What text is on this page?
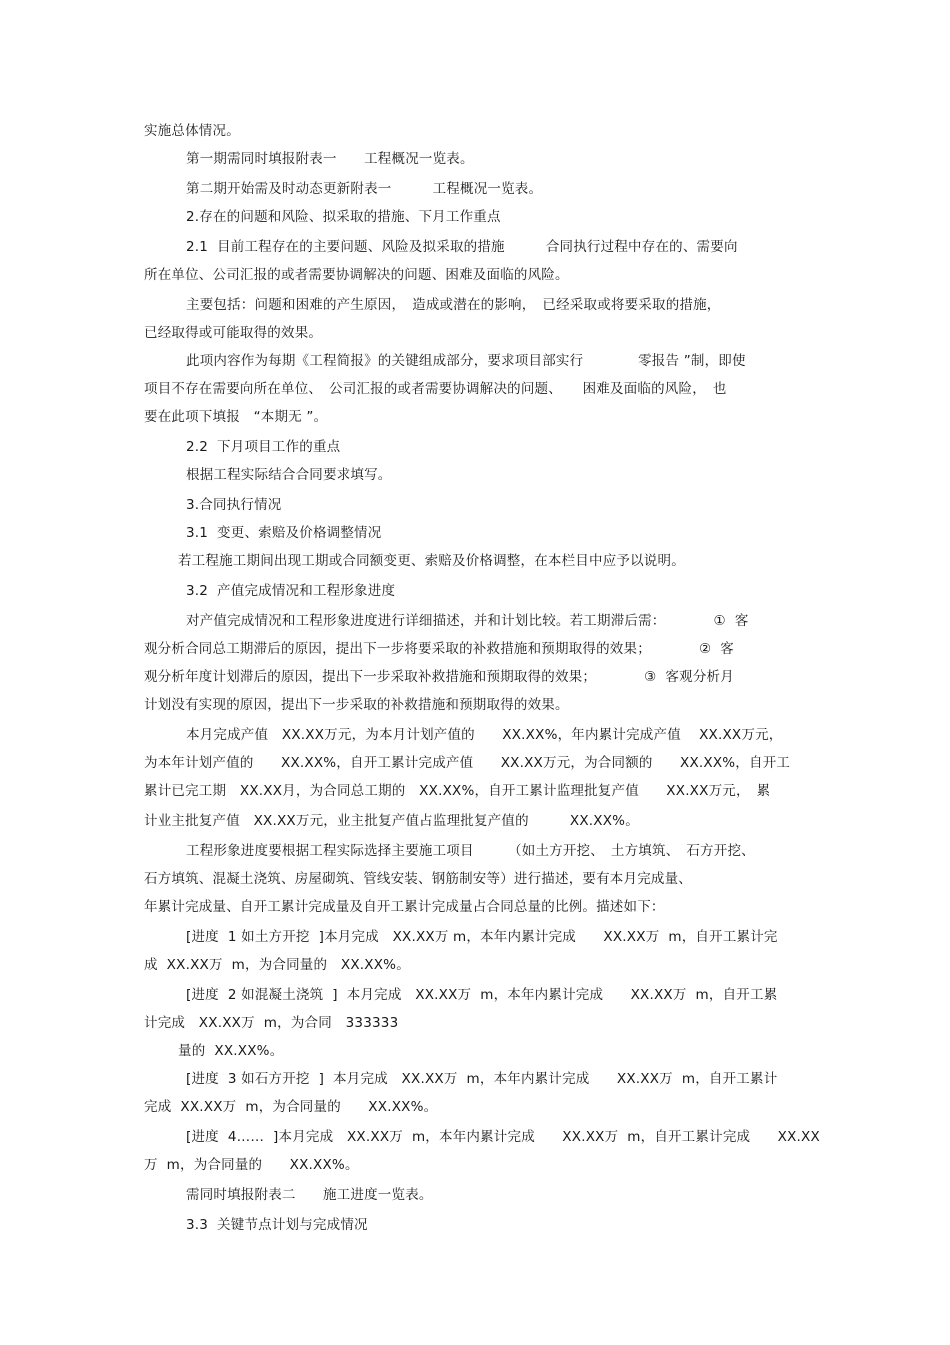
实施总体情况。
第一期需同时填报附表一　　工程概况一览表。
第二期开始需及时动态更新附表一　　　工程概况一览表。
2.存在的问题和风险、拟采取的措施、下月工作重点
2.1  目前工程存在的主要问题、风险及拟采取的措施　　　合同执行过程中存在的、需要向
所在单位、公司汇报的或者需要协调解决的问题、困难及面临的风险。
主要包括：问题和困难的产生原因，　造成或潜在的影响，　已经采取或将要采取的措施，
已经取得或可能取得的效果。
此项内容作为每期《工程简报》的关键组成部分，要求项目部实行　　　　零报告 ”制，即使
项目不存在需要向所在单位、　公司汇报的或者需要协调解决的问题、　　困难及面临的风险，　也
要在此项下填报　“本期无 ”。
2.2  下月项目工作的重点
根据工程实际结合合同要求填写。
3.合同执行情况
3.1  变更、索赔及价格调整情况
若工程施工期间出现工期或合同额变更、索赔及价格调整，在本栏目中应予以说明。
3.2  产值完成情况和工程形象进度
对产值完成情况和工程形象进度进行详细描述，并和计划比较。若工期滞后需：　　　　①  客
观分析合同总工期滞后的原因，提出下一步将要采取的补救措施和预期取得的效果；　　　　②  客
观分析年度计划滞后的原因，提出下一步采取补救措施和预期取得的效果；　　　　③  客观分析月
计划没有实现的原因，提出下一步采取的补救措施和预期取得的效果。
本月完成产值　XX.XX万元，为本月计划产值的　　XX.XX%，年内累计完成产值　 XX.XX万元，
为本年计划产值的　　XX.XX%，自开工累计完成产值　　XX.XX万元，为合同额的　　XX.XX%，自开工
累计已完工期　XX.XX月，为合同总工期的　XX.XX%，自开工累计监理批复产值　　XX.XX万元，　累
计业主批复产值　XX.XX万元，业主批复产值占监理批复产值的　　　XX.XX%。
工程形象进度要根据工程实际选择主要施工项目　　　（如土方开挖、　土方填筑、　石方开挖、
石方填筑、混凝土浇筑、房屋砌筑、管线安装、钢筋制安等）进行描述，要有本月完成量、
年累计完成量、自开工累计完成量及自开工累计完成量占合同总量的比例。描述如下：
[进度  1 如土方开挖  ]本月完成　XX.XX万 m，本年内累计完成　　XX.XX万  m，自开工累计完
成  XX.XX万  m，为合同量的　XX.XX%。
[进度  2 如混凝土浇筑  ]  本月完成　XX.XX万  m，本年内累计完成　　XX.XX万  m，自开工累
计完成　XX.XX万  m，为合同　333333
量的  XX.XX%。
[进度  3 如石方开挖  ]  本月完成　XX.XX万  m，本年内累计完成　　XX.XX万  m，自开工累计
完成  XX.XX万  m，为合同量的　　XX.XX%。
[进度  4……  ]本月完成　XX.XX万  m，本年内累计完成　　XX.XX万  m，自开工累计完成　　XX.XX
万  m，为合同量的　　XX.XX%。
需同时填报附表二　　施工进度一览表。
3.3  关键节点计划与完成情况
